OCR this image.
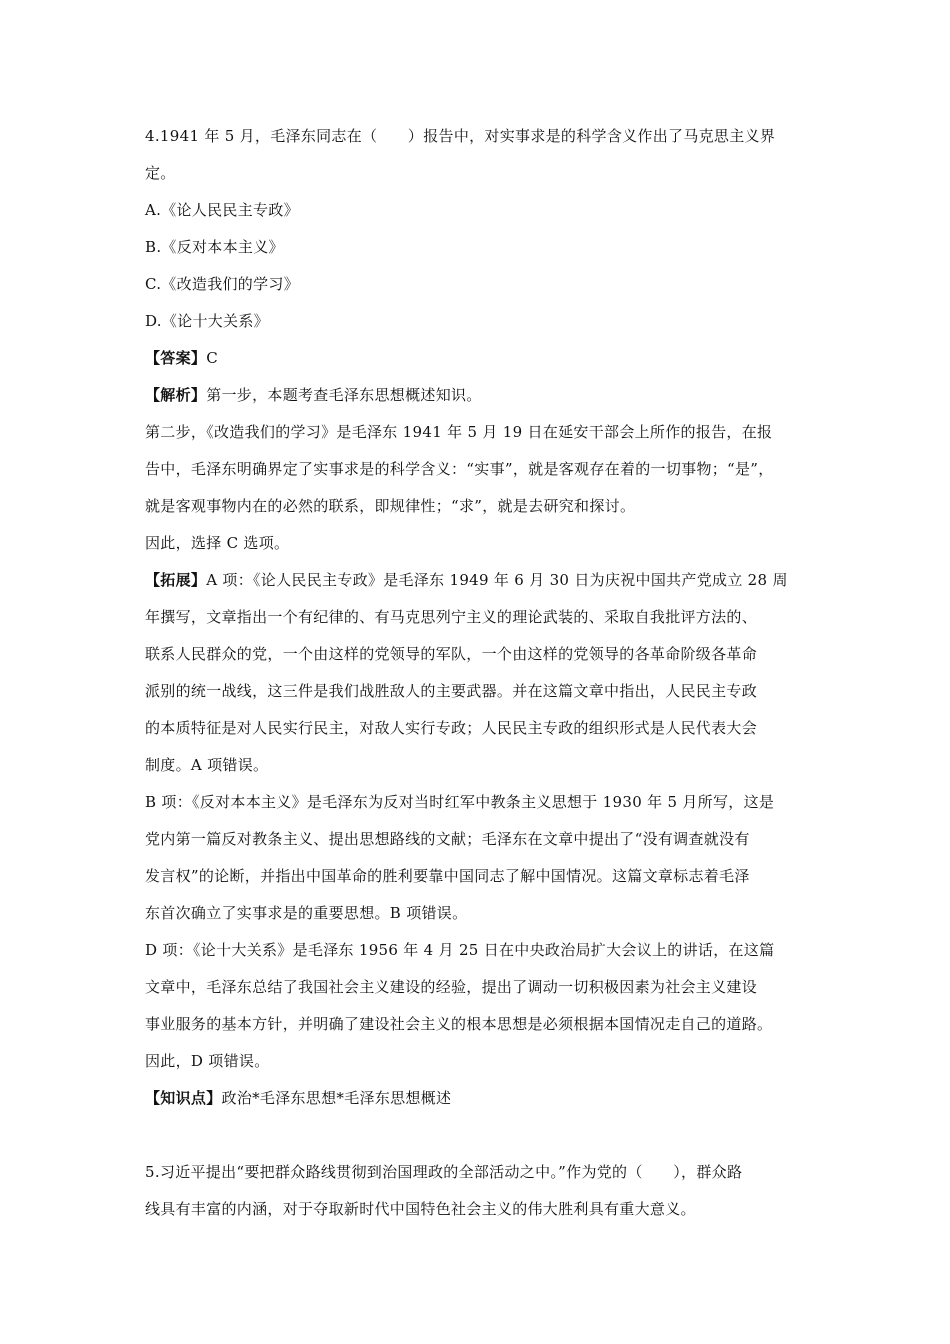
4.1941 年 5 月，毛泽东同志在（　　）报告中，对实事求是的科学含义作出了马克思主义界
定。
A.《论人民民主专政》
B.《反对本本主义》
C.《改造我们的学习》
D.《论十大关系》
【答案】C
【解析】第一步，本题考查毛泽东思想概述知识。
第二步，《改造我们的学习》是毛泽东 1941 年 5 月 19 日在延安干部会上所作的报告，在报
告中，毛泽东明确界定了实事求是的科学含义：“实事”，就是客观存在着的一切事物；“是”，
就是客观事物内在的必然的联系，即规律性；“求”，就是去研究和探讨。
因此，选择 C 选项。
【拓展】A 项：《论人民民主专政》是毛泽东 1949 年 6 月 30 日为庆祝中国共产党成立 28 周
年撰写，文章指出一个有纪律的、有马克思列宁主义的理论武装的、采取自我批评方法的、
联系人民群众的党，一个由这样的党领导的军队，一个由这样的党领导的各革命阶级各革命
派别的统一战线，这三件是我们战胜敌人的主要武器。并在这篇文章中指出，人民民主专政
的本质特征是对人民实行民主，对敌人实行专政；人民民主专政的组织形式是人民代表大会
制度。A 项错误。
B 项：《反对本本主义》是毛泽东为反对当时红军中教条主义思想于 1930 年 5 月所写，这是
党内第一篇反对教条主义、提出思想路线的文献；毛泽东在文章中提出了“没有调查就没有
发言权”的论断，并指出中国革命的胜利要靠中国同志了解中国情况。这篇文章标志着毛泽
东首次确立了实事求是的重要思想。B 项错误。
D 项：《论十大关系》是毛泽东 1956 年 4 月 25 日在中央政治局扩大会议上的讲话，在这篇
文章中，毛泽东总结了我国社会主义建设的经验，提出了调动一切积极因素为社会主义建设
事业服务的基本方针，并明确了建设社会主义的根本思想是必须根据本国情况走自己的道路。
因此，D 项错误。
【知识点】政治*毛泽东思想*毛泽东思想概述
5.习近平提出“要把群众路线贯彻到治国理政的全部活动之中。”作为党的（　　），群众路
线具有丰富的内涵，对于夺取新时代中国特色社会主义的伟大胜利具有重大意义。
